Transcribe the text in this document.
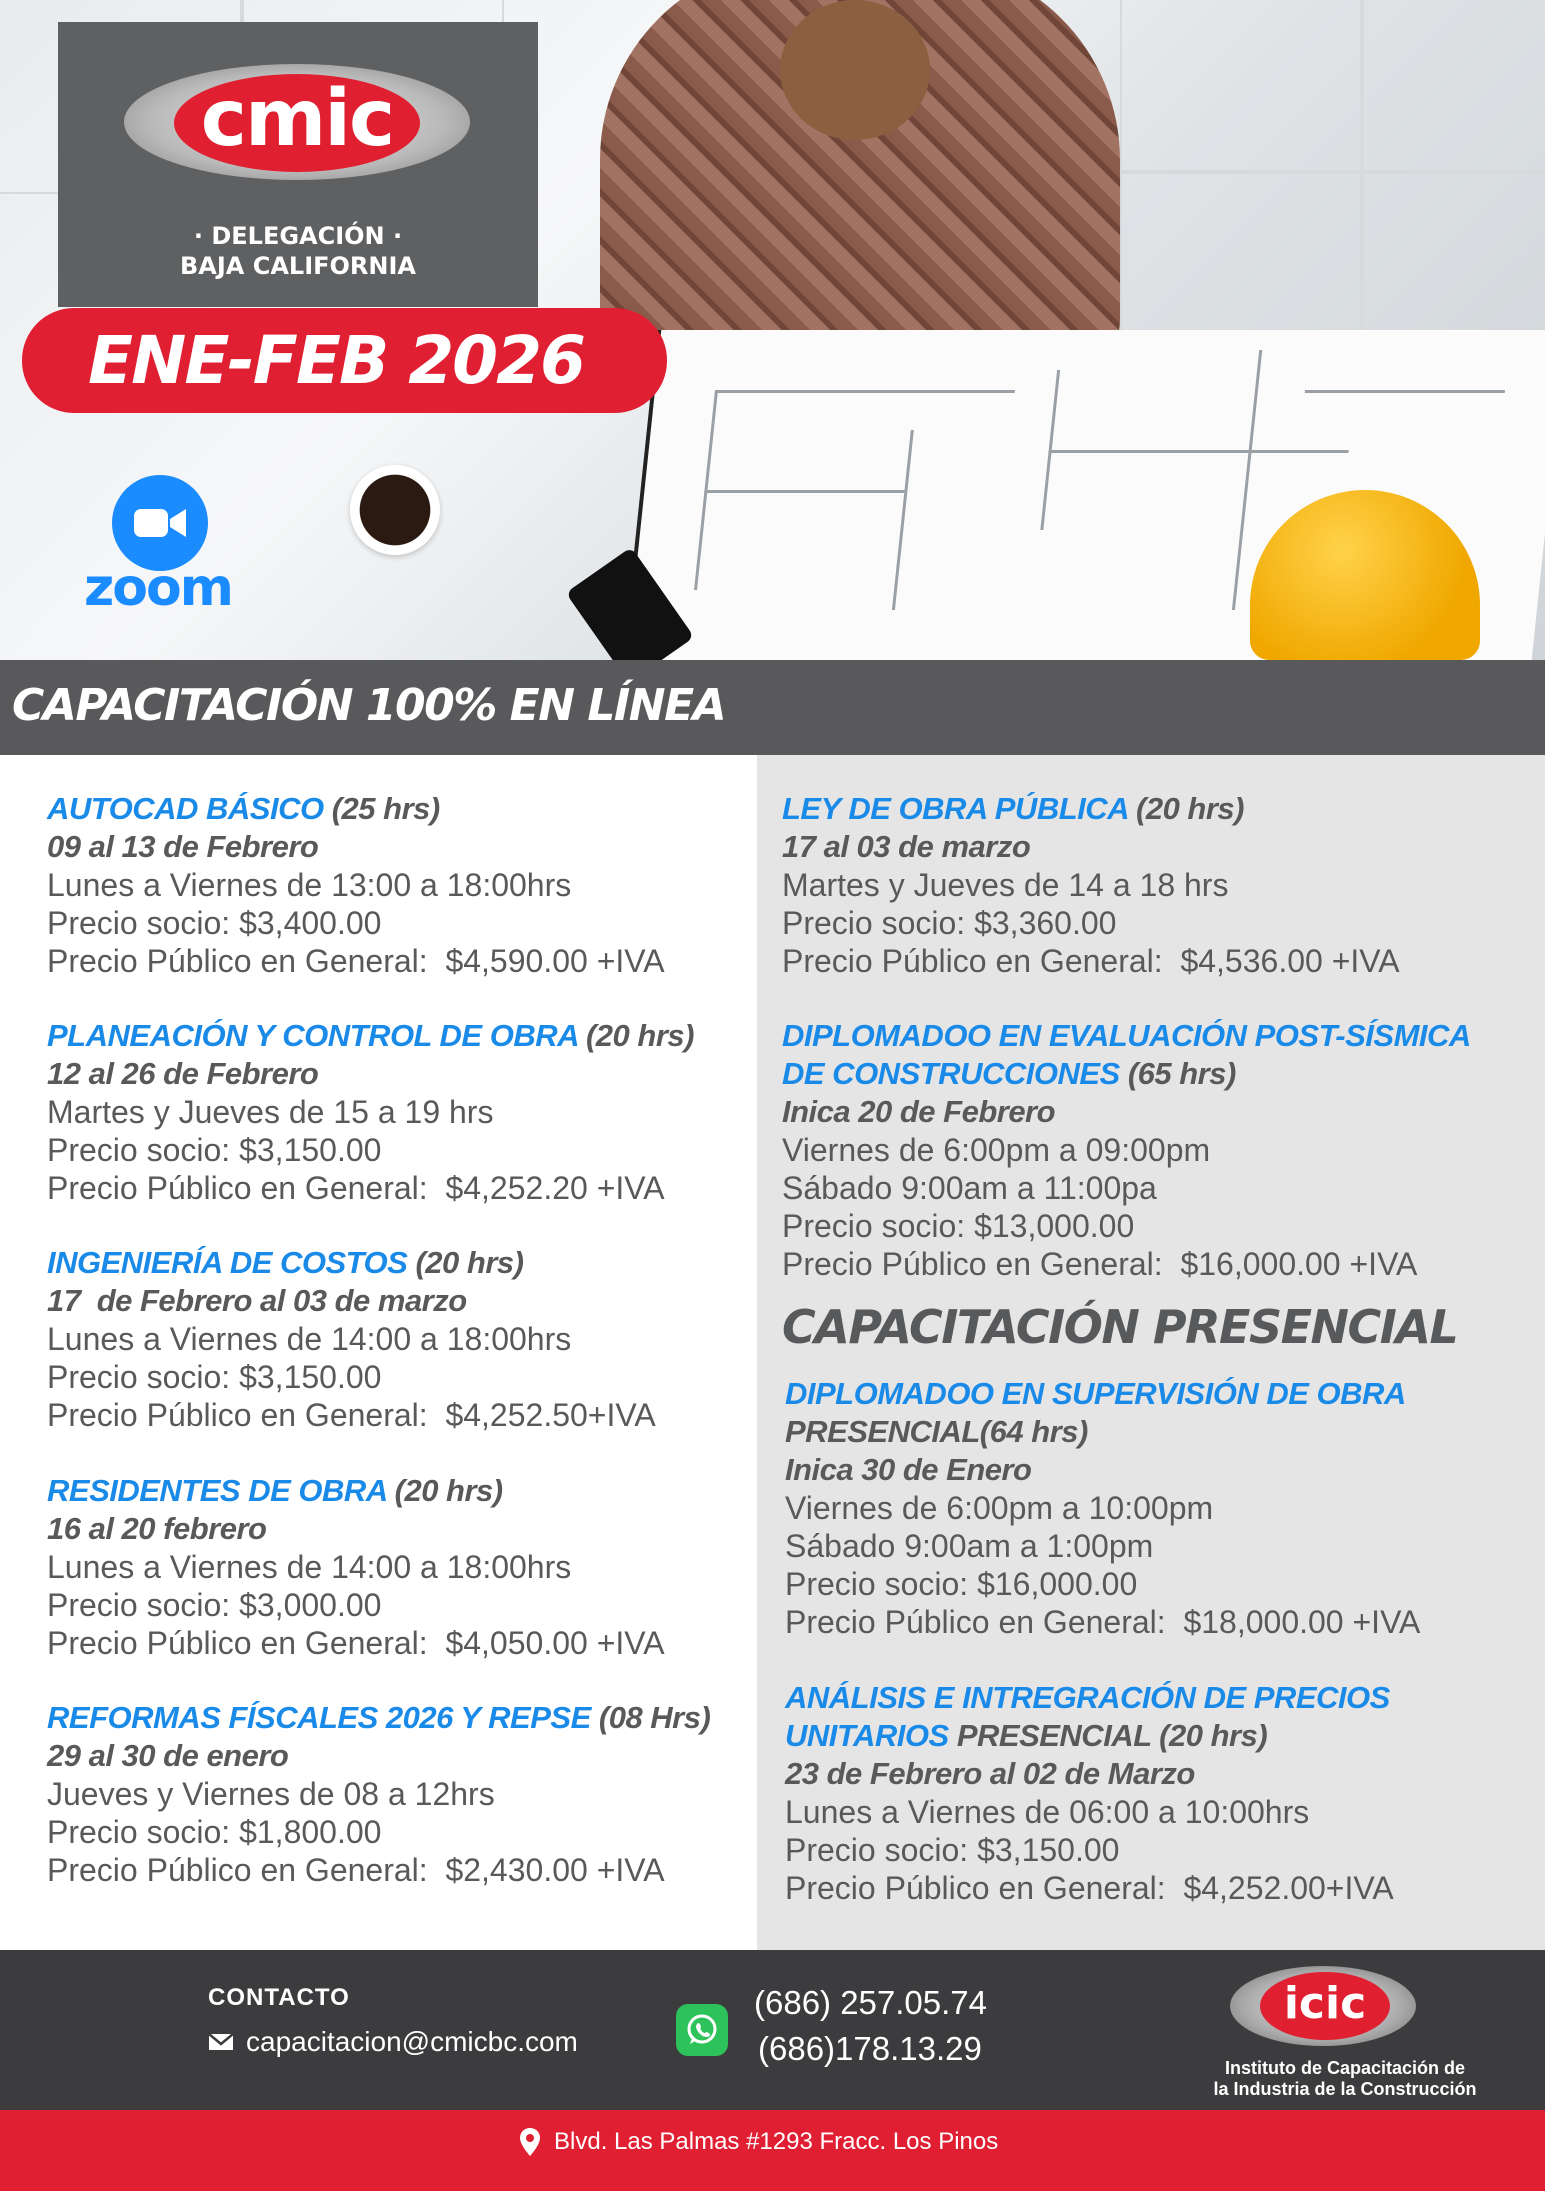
cmic
· DELEGACIÓN ·
BAJA CALIFORNIA
ENE-FEB 2026
zoom
CAPACITACIÓN 100% EN LÍNEA
AUTOCAD BÁSICO (25 hrs)
09 al 13 de Febrero
Lunes a Viernes de 13:00 a 18:00hrs
Precio socio: $3,400.00
Precio Público en General:  $4,590.00 +IVA
PLANEACIÓN Y CONTROL DE OBRA (20 hrs)
12 al 26 de Febrero
Martes y Jueves de 15 a 19 hrs
Precio socio: $3,150.00
Precio Público en General:  $4,252.20 +IVA
INGENIERÍA DE COSTOS (20 hrs)
17  de Febrero al 03 de marzo
Lunes a Viernes de 14:00 a 18:00hrs
Precio socio: $3,150.00
Precio Público en General:  $4,252.50+IVA
RESIDENTES DE OBRA (20 hrs)
16 al 20 febrero
Lunes a Viernes de 14:00 a 18:00hrs
Precio socio: $3,000.00
Precio Público en General:  $4,050.00 +IVA
REFORMAS FÍSCALES 2026 Y REPSE (08 Hrs)
29 al 30 de enero
Jueves y Viernes de 08 a 12hrs
Precio socio: $1,800.00
Precio Público en General:  $2,430.00 +IVA
LEY DE OBRA PÚBLICA (20 hrs)
17 al 03 de marzo
Martes y Jueves de 14 a 18 hrs
Precio socio: $3,360.00
Precio Público en General:  $4,536.00 +IVA
DIPLOMADOO EN EVALUACIÓN POST-SÍSMICA
DE CONSTRUCCIONES (65 hrs)
Inica 20 de Febrero
Viernes de 6:00pm a 09:00pm
Sábado 9:00am a 11:00pa
Precio socio: $13,000.00
Precio Público en General:  $16,000.00 +IVA
CAPACITACIÓN PRESENCIAL
DIPLOMADOO EN SUPERVISIÓN DE OBRA
PRESENCIAL(64 hrs)
Inica 30 de Enero
Viernes de 6:00pm a 10:00pm
Sábado 9:00am a 1:00pm
Precio socio: $16,000.00
Precio Público en General:  $18,000.00 +IVA
ANÁLISIS E INTREGRACIÓN DE PRECIOS
UNITARIOS PRESENCIAL (20 hrs)
23 de Febrero al 02 de Marzo
Lunes a Viernes de 06:00 a 10:00hrs
Precio socio: $3,150.00
Precio Público en General:  $4,252.00+IVA
CONTACTO
capacitacion@cmicbc.com
(686) 257.05.74
(686)178.13.29
icic
Instituto de Capacitación de
la Industria de la Construcción
Blvd. Las Palmas #1293 Fracc. Los Pinos
